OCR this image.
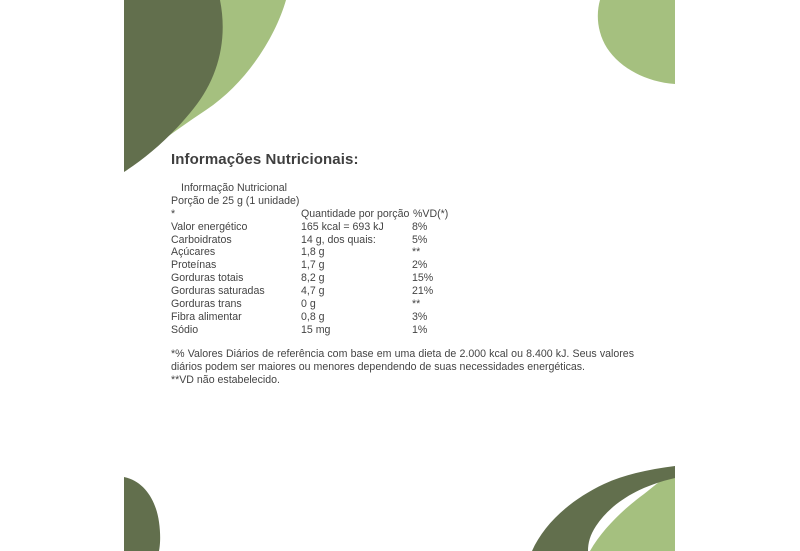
Informações Nutricionais:
Informação Nutricional
Porção de 25 g (1 unidade)
*	Quantidade por porção %VD(*)
Valor energético	165 kcal = 693 kJ	8%
Carboidratos	14 g, dos quais:	5%
Açúcares	1,8 g	**
Proteínas	1,7 g	2%
Gorduras totais	8,2 g	15%
Gorduras saturadas	4,7 g	21%
Gorduras trans	0 g	**
Fibra alimentar	0,8 g	3%
Sódio	15 mg	1%

*% Valores Diários de referência com base em uma dieta de 2.000 kcal ou 8.400 kJ. Seus valores diários podem ser maiores ou menores dependendo de suas necessidades energéticas.

**VD não estabelecido.
